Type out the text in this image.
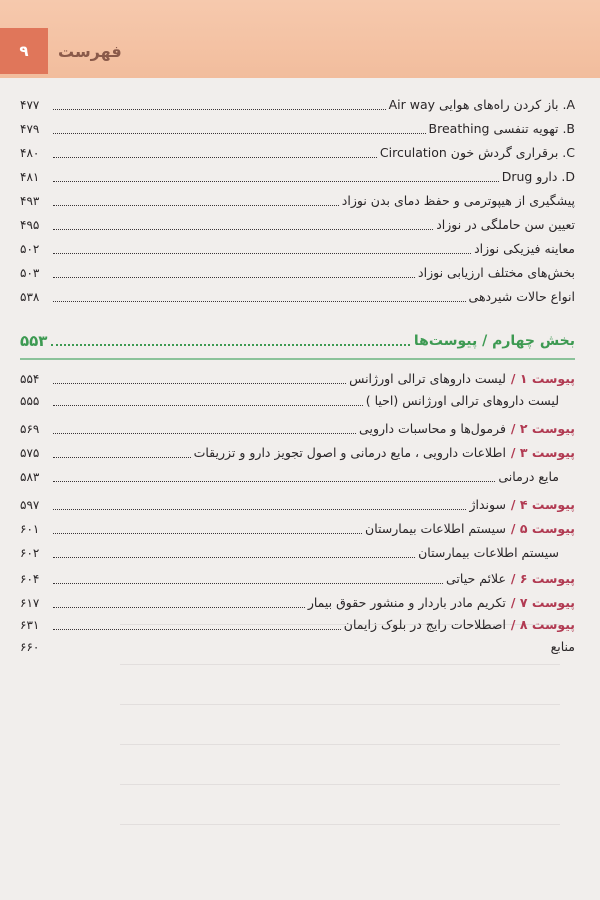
۹	فهرست
A. باز کردن راه‌های هوایی Air way
۴۷۷
B. تهویه تنفسی Breathing
۴۷۹
C. برقراری گردش خون Circulation
۴۸۰
D. دارو Drug
۴۸۱
پیشگیری از هیپوترمی و حفظ دمای بدن نوزاد
۴۹۳
تعیین سن حاملگی در نوزاد
۴۹۵
معاینه فیزیکی نوزاد
۵۰۲
بخش‌های مختلف ارزیابی نوزاد
۵۰۳
انواع حالات شیردهی
۵۳۸
بخش چهارم / پیوست‌ها
۵۵۳
پیوست ۱ /لیست داروهای ترالی اورژانس
۵۵۴
لیست داروهای ترالی اورژانس (احیا )
۵۵۵
پیوست ۲ /فرمول‌ها و محاسبات دارویی
۵۶۹
پیوست ۳ /اطلاعات دارویی ، مایع درمانی و اصول تجویز دارو و تزریقات
۵۷۵
مایع درمانی
۵۸۳
پیوست ۴ /سونداژ
۵۹۷
پیوست ۵ /سیستم اطلاعات بیمارستان
۶۰۱
سیستم اطلاعات بیمارستان
۶۰۲
پیوست ۶ /علائم حیاتی
۶۰۴
پیوست ۷ /تکریم مادر باردار و منشور حقوق بیمار
۶۱۷
پیوست ۸ /اصطلاحات رایج در بلوک زایمان
۶۳۱
منابع
۶۶۰
